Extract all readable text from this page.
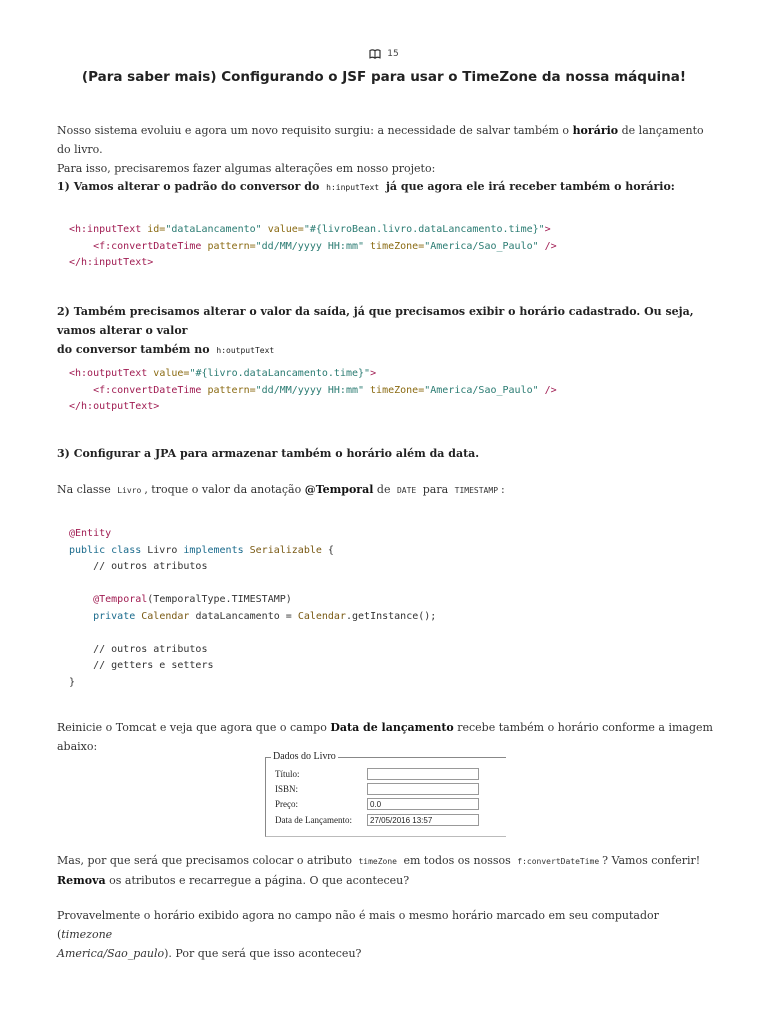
15
(Para saber mais) Configurando o JSF para usar o TimeZone da nossa máquina!

Nosso sistema evoluiu e agora um novo requisito surgiu: a necessidade de salvar também o horário de lançamento do livro.

Para isso, precisaremos fazer algumas alterações em nosso projeto:

1) Vamos alterar o padrão do conversor do h:inputText já que agora ele irá receber também o horário:
<h:inputText id="dataLancamento" value="#{livroBean.livro.dataLancamento.time}">
<f:convertDateTime pattern="dd/MM/yyyy HH:mm" timeZone="America/Sao_Paulo" />
</h:inputText>

2) Também precisamos alterar o valor da saída, já que precisamos exibir o horário cadastrado. Ou seja, vamos alterar o valor

do conversor também no h:outputText

<h:outputText value="#{livro.dataLancamento.time}">
<f:convertDateTime pattern="dd/MM/yyyy HH:mm" timeZone="America/Sao_Paulo" />
</h:outputText>
3) Configurar a JPA para armazenar também o horário além da data.
Na classe Livro , troque o valor da anotação @Temporal de DATE para TIMESTAMP :
@Entity
public class Livro implements Serializable {
// outros atributos

@Temporal(TemporalType.TIMESTAMP)
private Calendar dataLancamento = Calendar.getInstance();

// outros atributos
// getters e setters
}
Reinicie o Tomcat e veja que agora que o campo Data de lançamento recebe também o horário conforme a imagem abaixo:
Dados do Livro
Título:
ISBN:
Preço:	0.0
Data de Lançamento:	27/05/2016 13:57

Mas, por que será que precisamos colocar o atributo timeZone em todos os nossos f:convertDateTime ? Vamos conferir!

Remova os atributos e recarregue a página. O que aconteceu?

Provavelmente o horário exibido agora no campo não é mais o mesmo horário marcado em seu computador (timezone

America/Sao_paulo). Por que será que isso aconteceu?
